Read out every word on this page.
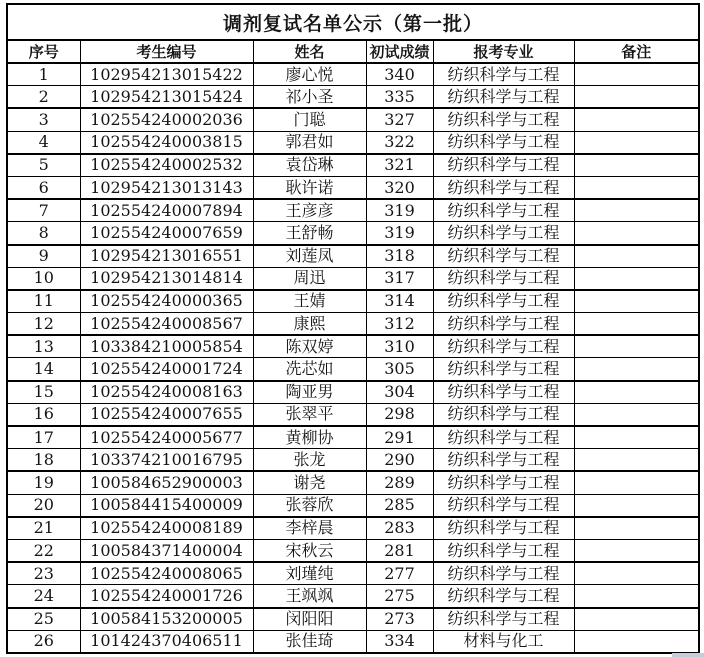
调剂复试名单公示（第一批）					
序号	考生编号	姓名	初试成绩	报考专业	备注
1	102954213015422	廖心悦	340	纺织科学与工程	
2	102954213015424	祁小圣	335	纺织科学与工程	
3	102554240002036	门聪	327	纺织科学与工程	
4	102554240003815	郭君如	322	纺织科学与工程	
5	102554240002532	袁岱琳	321	纺织科学与工程	
6	102954213013143	耿许诺	320	纺织科学与工程	
7	102554240007894	王彦彦	319	纺织科学与工程	
8	102554240007659	王舒畅	319	纺织科学与工程	
9	102954213016551	刘莲凤	318	纺织科学与工程	
10	102954213014814	周迅	317	纺织科学与工程	
11	102554240000365	王婧	314	纺织科学与工程	
12	102554240008567	康熙	312	纺织科学与工程	
13	103384210005854	陈双婷	310	纺织科学与工程	
14	102554240001724	冼芯如	305	纺织科学与工程	
15	102554240008163	陶亚男	304	纺织科学与工程	
16	102554240007655	张翠平	298	纺织科学与工程	
17	102554240005677	黄柳协	291	纺织科学与工程	
18	103374210016795	张龙	290	纺织科学与工程	
19	100584652900003	谢尧	289	纺织科学与工程	
20	100584415400009	张蓉欣	285	纺织科学与工程	
21	102554240008189	李梓晨	283	纺织科学与工程	
22	100584371400004	宋秋云	281	纺织科学与工程	
23	102554240008065	刘瑾纯	277	纺织科学与工程	
24	102554240001726	王飒飒	275	纺织科学与工程	
25	100584153200005	闵阳阳	273	纺织科学与工程	
26	101424370406511	张佳琦	334	材料与化工	
